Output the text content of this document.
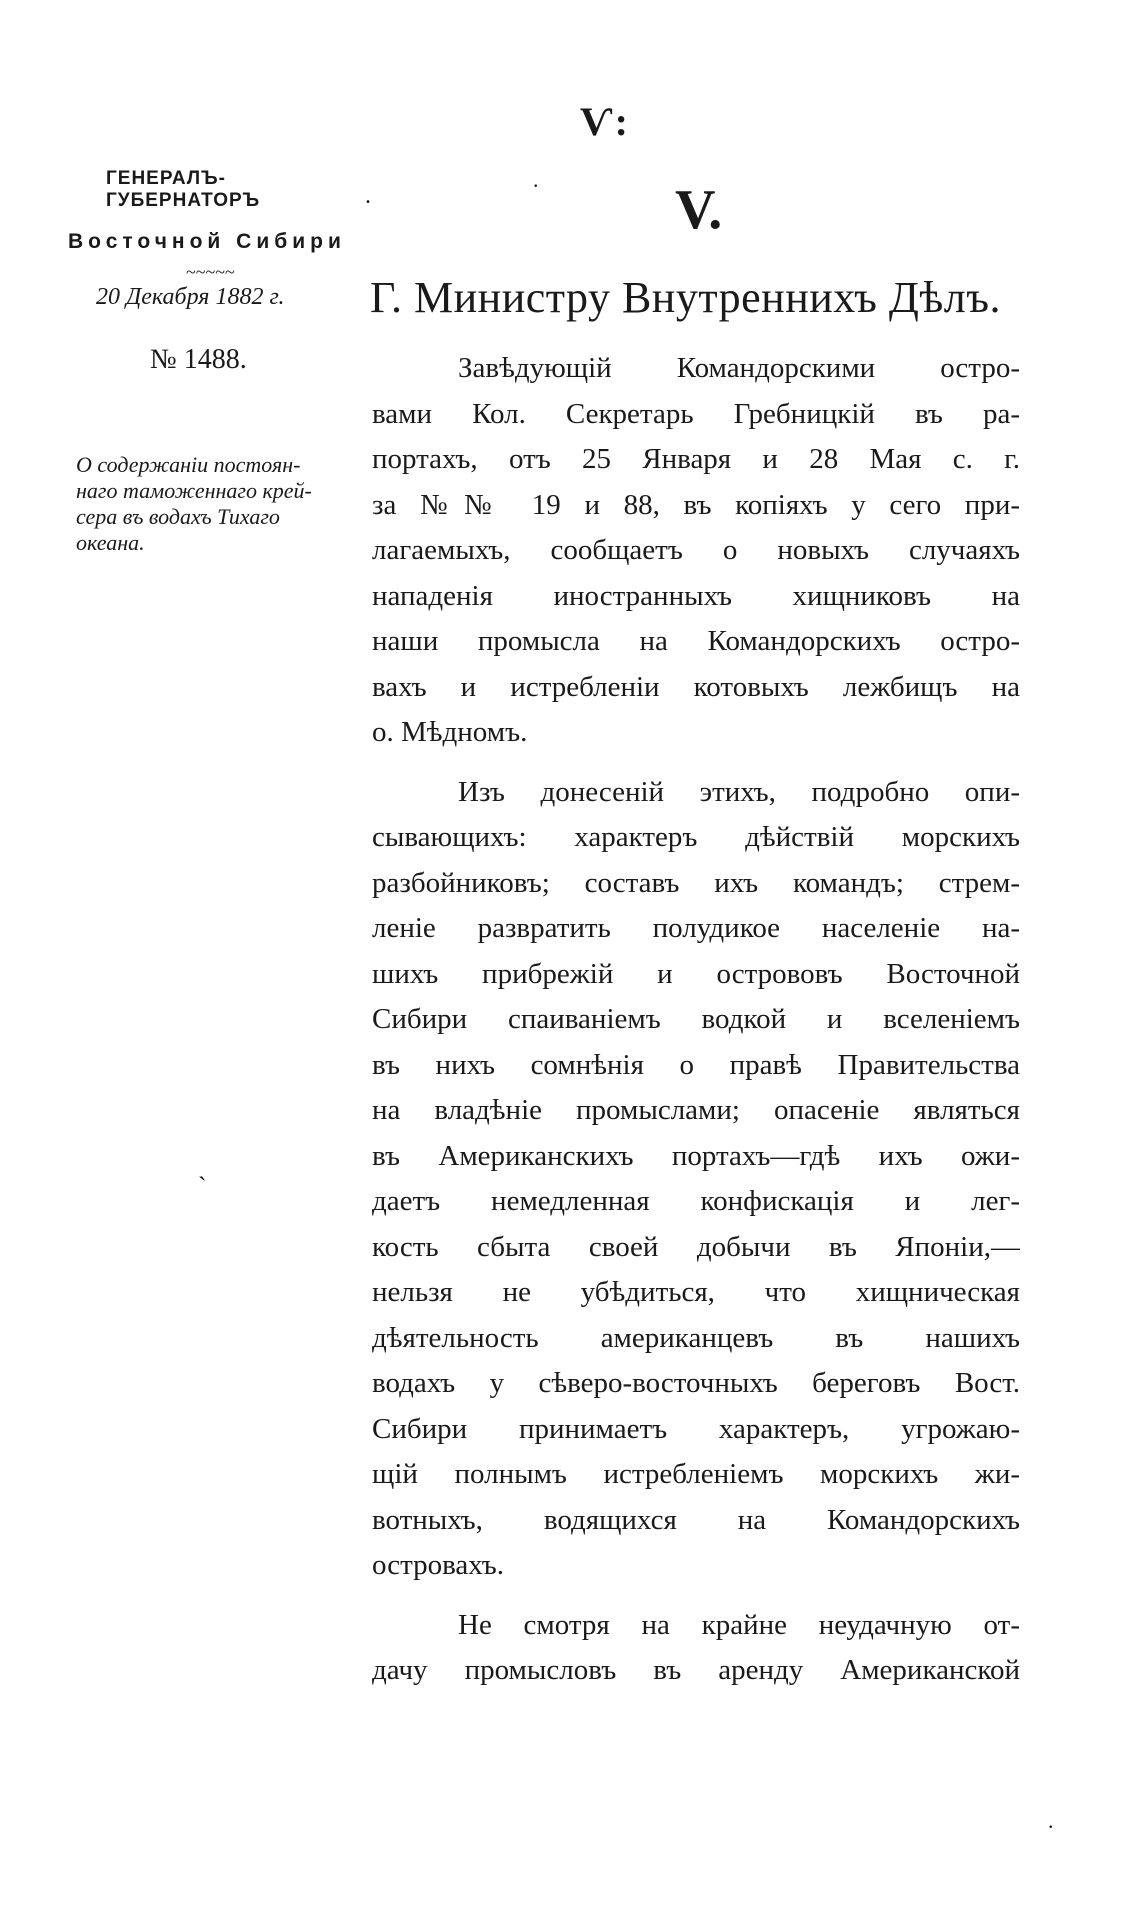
Ѵ:
V.
.
.
.
ˋ
ГЕНЕРАЛЪ-ГУБЕРНАТОРЪ
Восточной Сибири
~~~~~
20 Декабря 1882 г.
№ 1488.
О содержаніи постоян-
наго таможеннаго крей-
сера въ водахъ Тихаго
океана.
Г. Министру Внутреннихъ Дѣлъ.
Завѣдующій Командорскими остро-
вами Кол. Секретарь Гребницкій въ ра-
портахъ, отъ 25 Января и 28 Мая с. г.
за №№ 19 и 88, въ копіяхъ у сего при-
лагаемыхъ, сообщаетъ о новыхъ случаяхъ
нападенія иностранныхъ хищниковъ на
наши промысла на Командорскихъ остро-
вахъ и истребленіи котовыхъ лежбищъ на
о. Мѣдномъ.
Изъ донесеній этихъ, подробно опи-
сывающихъ: характеръ дѣйствій морскихъ
разбойниковъ; составъ ихъ командъ; стрем-
леніе развратить полудикое населеніе на-
шихъ прибрежій и острововъ Восточной
Сибири спаиваніемъ водкой и вселеніемъ
въ нихъ сомнѣнія о правѣ Правительства
на владѣніе промыслами; опасеніе являться
въ Американскихъ портахъ—гдѣ ихъ ожи-
даетъ немедленная конфискація и лег-
кость сбыта своей добычи въ Японіи,—
нельзя не убѣдиться, что хищническая
дѣятельность американцевъ въ нашихъ
водахъ у сѣверо-восточныхъ береговъ Вост.
Сибири принимаетъ характеръ, угрожаю-
щій полнымъ истребленіемъ морскихъ жи-
вотныхъ, водящихся на Командорскихъ
островахъ.
Не смотря на крайне неудачную от-
дачу промысловъ въ аренду Американской
